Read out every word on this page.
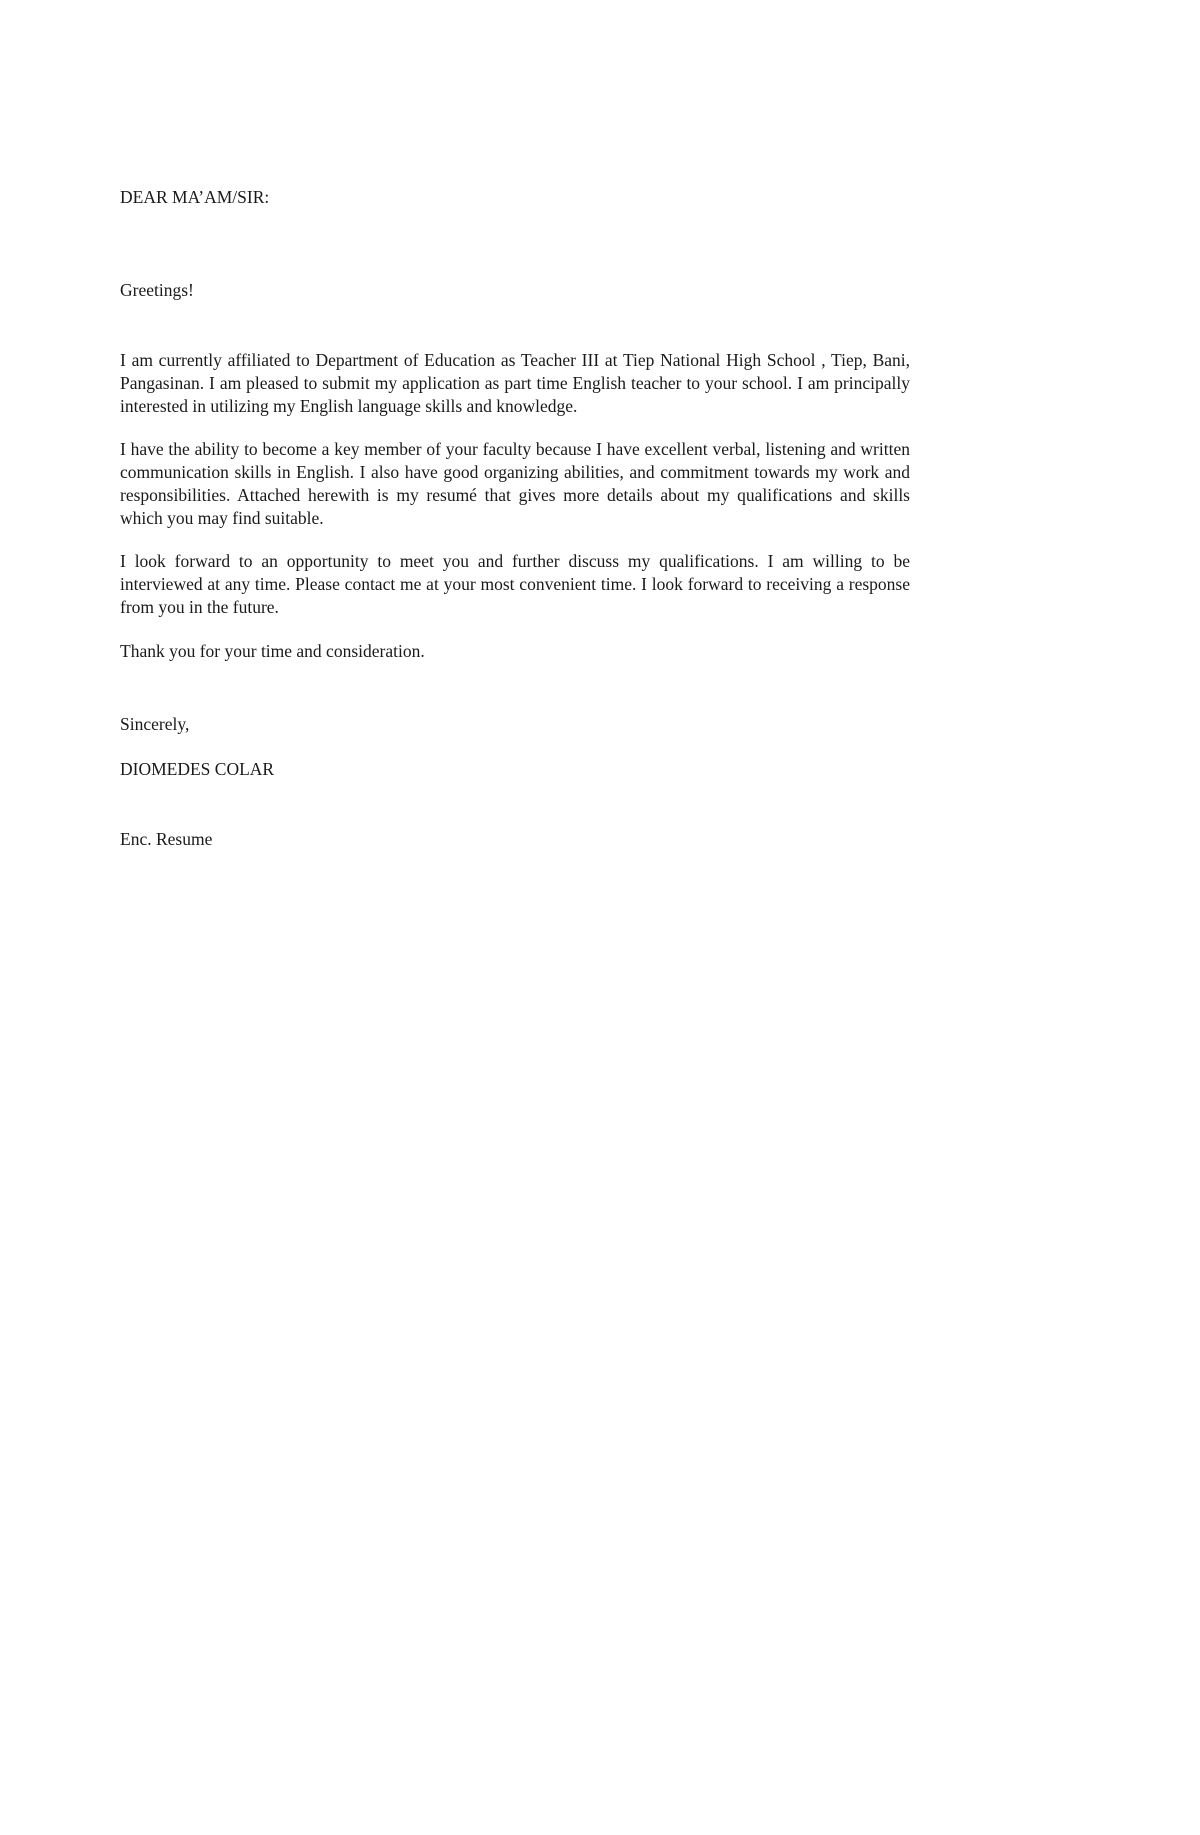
DEAR MA’AM/SIR:

Greetings!

I am currently affiliated to Department of Education as Teacher III at Tiep National High School , Tiep, Bani, Pangasinan. I am pleased to submit my application as part time English teacher to your school. I am principally interested in utilizing my English language skills and knowledge.

I have the ability to become a key member of your faculty because I have excellent verbal, listening and written communication skills in English. I also have good organizing abilities, and commitment towards my work and responsibilities. Attached herewith is my resumé that gives more details about my qualifications and skills which you may find suitable.

I look forward to an opportunity to meet you and further discuss my qualifications. I am willing to be interviewed at any time. Please contact me at your most convenient time. I look forward to receiving a response from you in the future.

Thank you for your time and consideration.

Sincerely,

DIOMEDES COLAR

Enc. Resume
